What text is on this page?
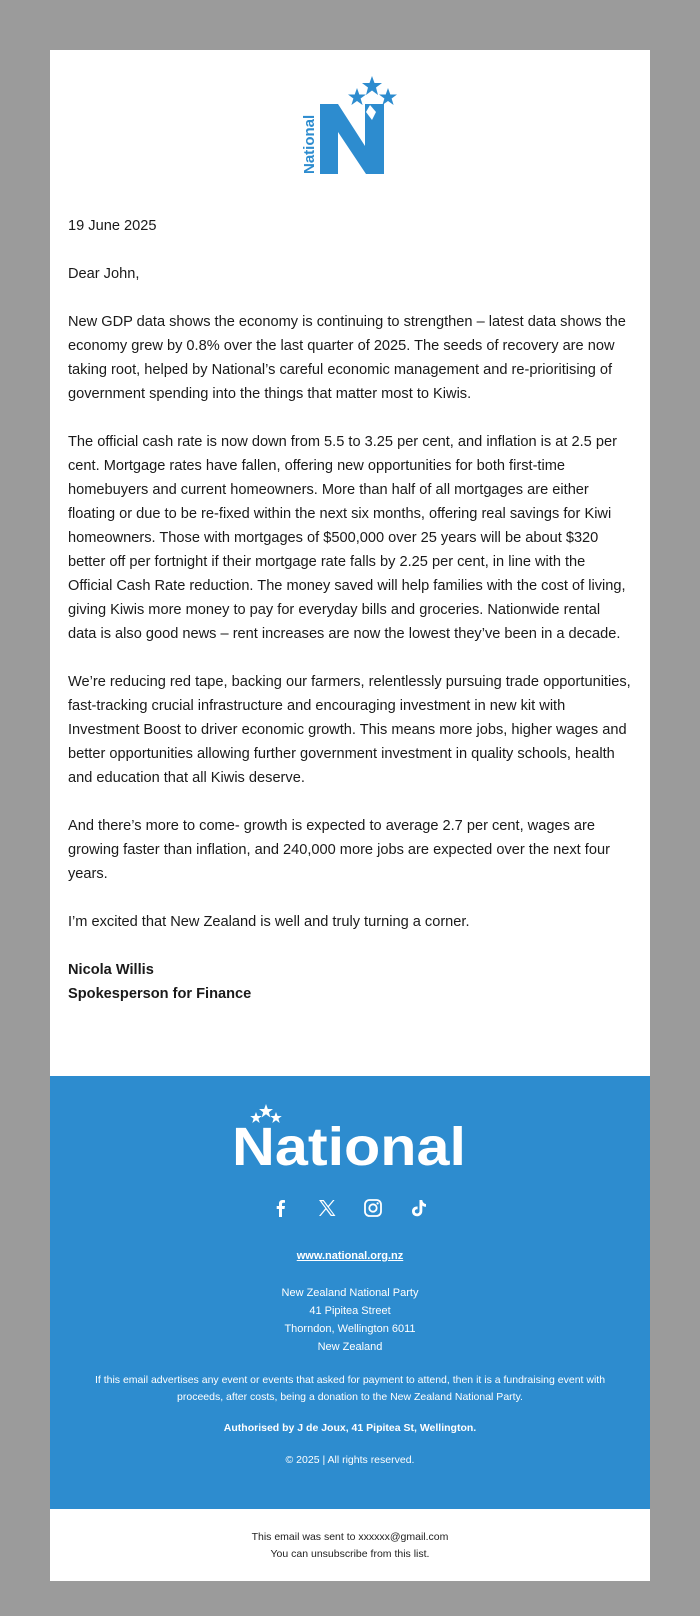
National

19 June 2025

Dear John,

New GDP data shows the economy is continuing to strengthen – latest data shows the economy grew by 0.8% over the last quarter of 2025. The seeds of recovery are now taking root, helped by National’s careful economic management and re-prioritising of government spending into the things that matter most to Kiwis.

The official cash rate is now down from 5.5 to 3.25 per cent, and inflation is at 2.5 per cent. Mortgage rates have fallen, offering new opportunities for both first-time homebuyers and current homeowners. More than half of all mortgages are either floating or due to be re-fixed within the next six months, offering real savings for Kiwi homeowners. Those with mortgages of $500,000 over 25 years will be about $320 better off per fortnight if their mortgage rate falls by 2.25 per cent, in line with the Official Cash Rate reduction. The money saved will help families with the cost of living, giving Kiwis more money to pay for everyday bills and groceries. Nationwide rental data is also good news – rent increases are now the lowest they’ve been in a decade.

We’re reducing red tape, backing our farmers, relentlessly pursuing trade opportunities, fast-tracking crucial infrastructure and encouraging investment in new kit with Investment Boost to driver economic growth. This means more jobs, higher wages and better opportunities allowing further government investment in quality schools, health and education that all Kiwis deserve.

And there’s more to come- growth is expected to average 2.7 per cent, wages are growing faster than inflation, and 240,000 more jobs are expected over the next four years.

I’m excited that New Zealand is well and truly turning a corner.

Nicola Willis
Spokesperson for Finance
National
www.national.org.nz
New Zealand National Party
41 Pipitea Street
Thorndon, Wellington 6011
New Zealand
If this email advertises any event or events that asked for payment to attend, then it is a fundraising event with proceeds, after costs, being a donation to the New Zealand National Party.
Authorised by J de Joux, 41 Pipitea St, Wellington.
© 2025 | All rights reserved.
This email was sent to xxxxxx@gmail.com
You can unsubscribe from this list.
